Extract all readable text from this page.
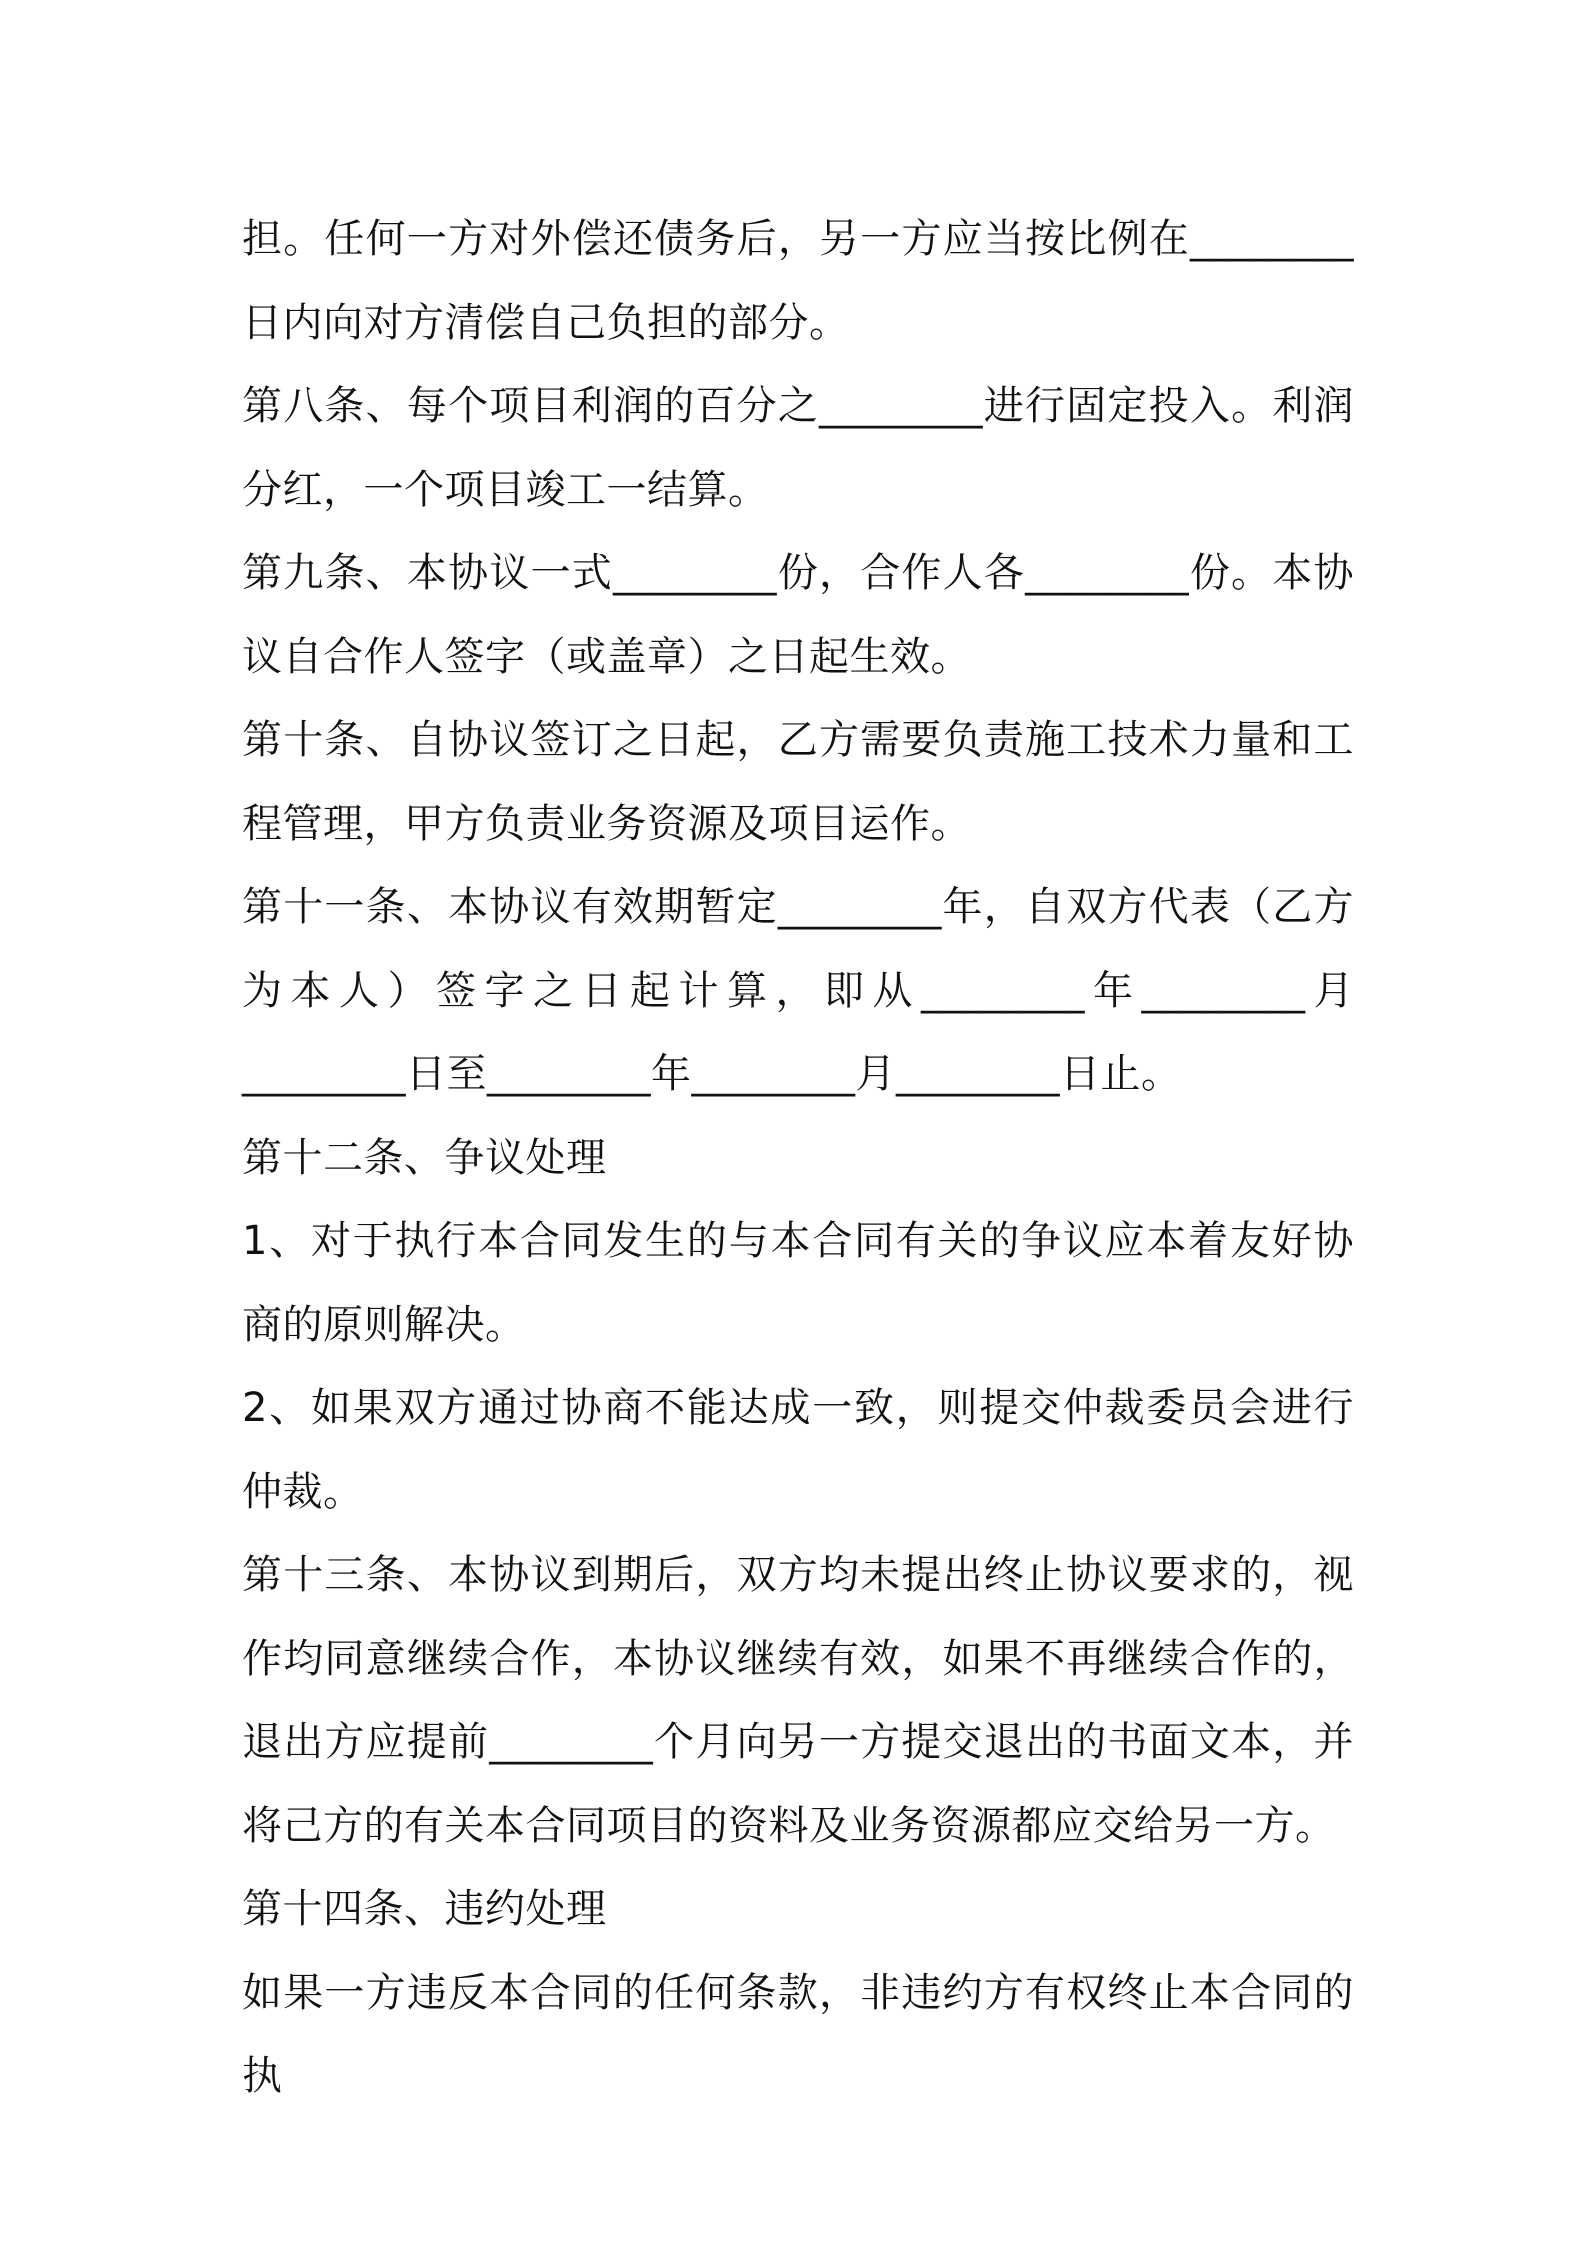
担。任何一方对外偿还债务后，另一方应当按比例在________日内向对方清偿自己负担的部分。

第八条、每个项目利润的百分之________进行固定投入。利润分红，一个项目竣工一结算。

第九条、本协议一式________份，合作人各________份。本协议自合作人签字（或盖章）之日起生效。

第十条、自协议签订之日起，乙方需要负责施工技术力量和工程管理，甲方负责业务资源及项目运作。

第十一条、本协议有效期暂定________年，自双方代表（乙方为本人）签字之日起计算，即从________年________月________日至________年________月________日止。

第十二条、争议处理

1、对于执行本合同发生的与本合同有关的争议应本着友好协商的原则解决。

2、如果双方通过协商不能达成一致，则提交仲裁委员会进行仲裁。

第十三条、本协议到期后，双方均未提出终止协议要求的，视作均同意继续合作，本协议继续有效，如果不再继续合作的，退出方应提前________个月向另一方提交退出的书面文本，并将己方的有关本合同项目的资料及业务资源都应交给另一方。

第十四条、违约处理

如果一方违反本合同的任何条款，非违约方有权终止本合同的执
